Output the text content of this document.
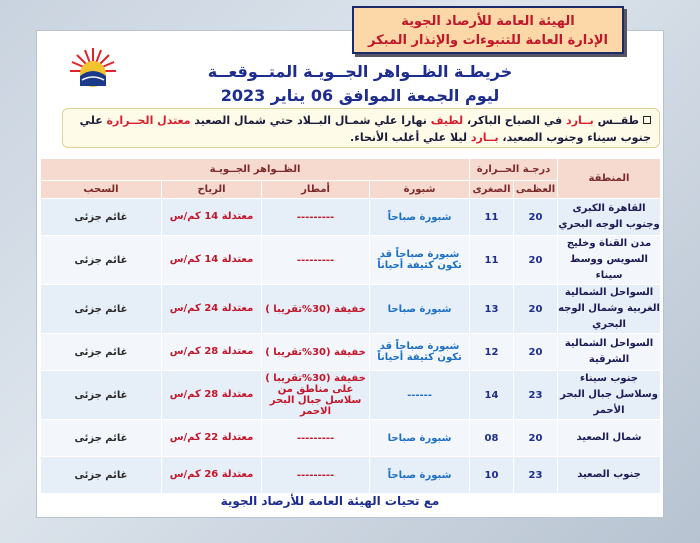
الهيئة العامة للأرصاد الجوية
الإدارة العامة للتنبوءات والإنذار المبكر
خريطـة الظــواهر الجــويـة المتــوقعــة
ليوم الجمعة الموافق 06 يناير 2023
طقــس بــارد في الصباح الباكر، لطيف نهارا علي شمـال البــلاد حتي شمال الصعيد معتدل الحــرارة علي جنوب سيناء وجنوب الصعيد، بــارد ليلا علي أغلب الأنحاء.
المنطقة	درجـة الحــرارة		الظــواهر الجــويـة			
	العظمى	الصغرى	شبورة	أمطار	الرياح	السحب
القاهرة الكبرى وجنوب الوجه البحري	20	11	شبورة صباحاً	---------	معتدلة 14 كم/س	غائم جزئى
مدن القناة وخليج السويس ووسط سيناء	20	11	شبورة صباحاً قد تكون كثيفة أحياناً	---------	معتدلة 14 كم/س	غائم جزئى
السواحل الشمالية الغربية وشمال الوجه البحري	20	13	شبورة صباحا	خفيفة (30%تقريبا )	معتدلة 24 كم/س	غائم جزئى
السواحل الشمالية الشرقية	20	12	شبورة صباحاً قد تكون كثيفة أحياناً	خفيفة (30%تقريبا )	معتدلة 28 كم/س	غائم جزئى
جنوب سيناء وسلاسل جبال البحر الأحمر	23	14	------	خفيفة (30%تقريبا ) على مناطق من سلاسل جبال البحر الاحمر	معتدلة 28 كم/س	غائم جزئى
شمال الصعيد	20	08	شبورة صباحا	---------	معتدلة 22 كم/س	غائم جزئى
جنوب الصعيد	23	10	شبورة صباحاً	---------	معتدلة 26 كم/س	غائم جزئى
مع تحيات الهيئة العامة للأرصاد الجوية
